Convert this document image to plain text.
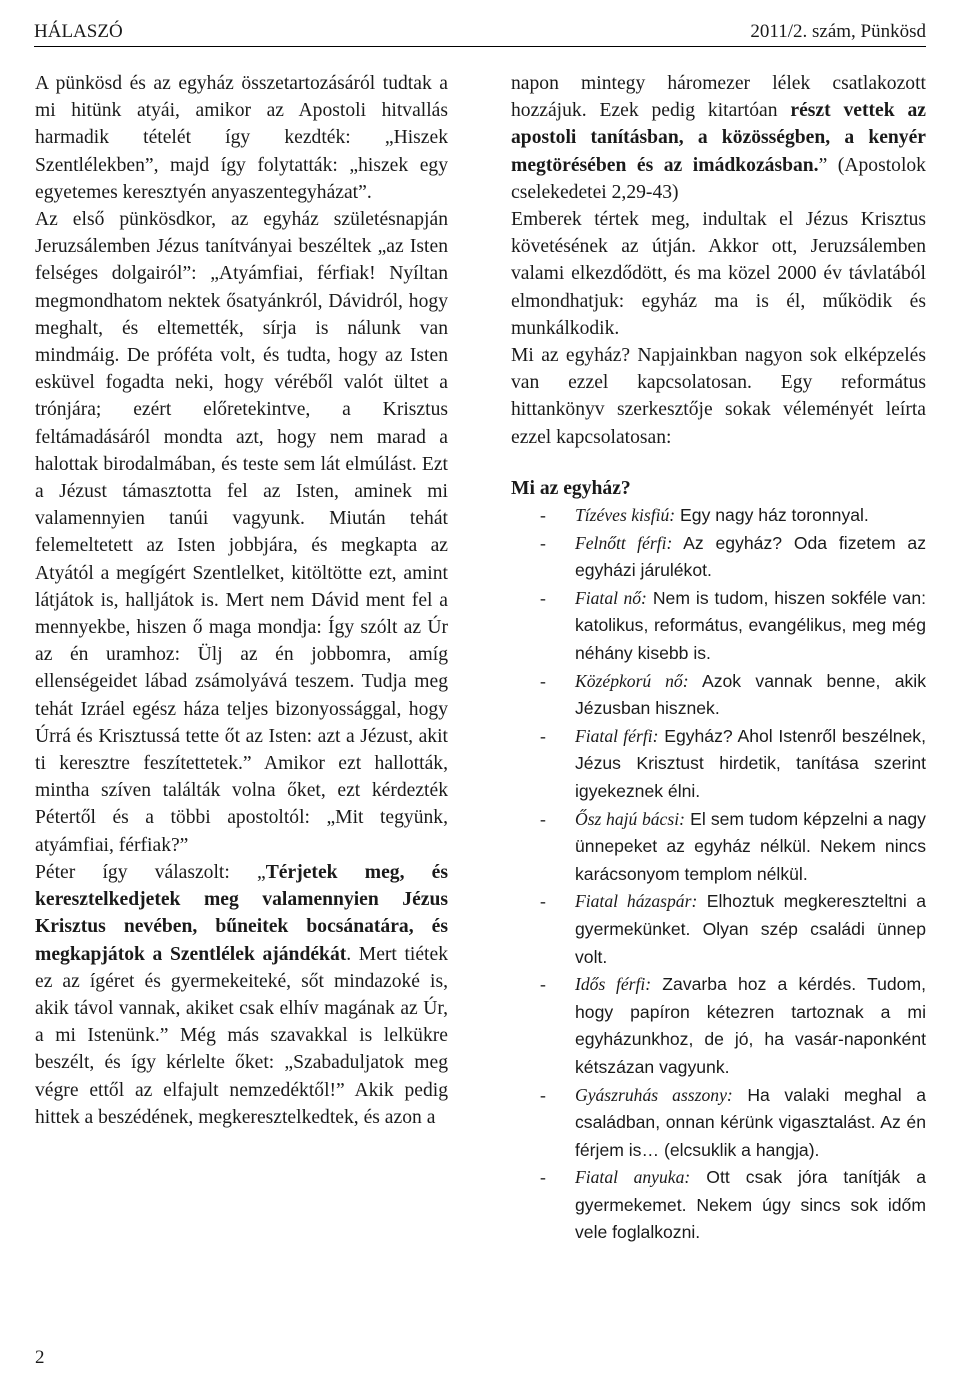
HÁLASZÓ	2011/2. szám, Pünkösd

A pünkösd és az egyház összetartozásáról tudtak a mi hitünk atyái, amikor az Apostoli hitvallás harmadik tételét így kezdték: „Hiszek Szentlélekben”, majd így folytatták: „hiszek egy egyetemes keresztyén anyaszentegyházat”.

Az első pünkösdkor, az egyház születésnapján Jeruzsálemben Jézus tanítványai beszéltek „az Isten felséges dolgairól”: „Atyámfiai, férfiak! Nyíltan megmondhatom nektek ősatyánkról, Dávidról, hogy meghalt, és eltemették, sírja is nálunk van mindmáig. De próféta volt, és tudta, hogy az Isten esküvel fogadta neki, hogy véréből valót ültet a trónjára; ezért előretekintve, a Krisztus feltámadásáról mondta azt, hogy nem marad a halottak birodalmában, és teste sem lát elmúlást. Ezt a Jézust támasztotta fel az Isten, aminek mi valamennyien tanúi vagyunk. Miután tehát felemeltetett az Isten jobbjára, és megkapta az Atyától a megígért Szentlelket, kitöltötte ezt, amint látjátok is, halljátok is. Mert nem Dávid ment fel a mennyekbe, hiszen ő maga mondja: Így szólt az Úr az én uramhoz: Ülj az én jobbomra, amíg ellenségeidet lábad zsámolyává teszem. Tudja meg tehát Izráel egész háza teljes bizonyossággal, hogy Úrrá és Krisztussá tette őt az Isten: azt a Jézust, akit ti keresztre feszítettetek.” Amikor ezt hallották, mintha szíven találták volna őket, ezt kérdezték Pétertől és a többi apostoltól: „Mit tegyünk, atyámfiai, férfiak?”

Péter így válaszolt: „Térjetek meg, és keresztelkedjetek meg valamennyien Jézus Krisztus nevében, bűneitek bocsánatára, és megkapjátok a Szentlélek ajándékát. Mert tiétek ez az ígéret és gyermekeiteké, sőt mindazoké is, akik távol vannak, akiket csak elhív magának az Úr, a mi Istenünk.” Még más szavakkal is lelkükre beszélt, és így kérlelte őket: „Szabaduljatok meg végre ettől az elfajult nemzedéktől!” Akik pedig hittek a beszédének, megkeresztelkedtek, és azon a

napon mintegy háromezer lélek csatlakozott hozzájuk. Ezek pedig kitartóan részt vettek az apostoli tanításban, a közösségben, a kenyér megtörésében és az imádkozásban.” (Apostolok cselekedetei 2,29-43)

Emberek tértek meg, indultak el Jézus Krisztus követésének az útján. Akkor ott, Jeruzsálemben valami elkezdődött, és ma közel 2000 év távlatából elmondhatjuk: egyház ma is él, működik és munkálkodik.

Mi az egyház? Napjainkban nagyon sok elképzelés van ezzel kapcsolatosan. Egy református hittankönyv szerkesztője sokak véleményét leírta ezzel kapcsolatosan:

Mi az egyház?

- Tízéves kisfiú: Egy nagy ház toronnyal.
- Felnőtt férfi: Az egyház? Oda fizetem az egyházi járulékot.
- Fiatal nő: Nem is tudom, hiszen sokféle van: katolikus, református, evangélikus, meg még néhány kisebb is.
- Középkorú nő: Azok vannak benne, akik Jézusban hisznek.
- Fiatal férfi: Egyház? Ahol Istenről beszélnek, Jézus Krisztust hirdetik, tanítása szerint igyekeznek élni.
- Ősz hajú bácsi: El sem tudom képzelni a nagy ünnepeket az egyház nélkül. Nekem nincs karácsonyom templom nélkül.
- Fiatal házaspár: Elhoztuk megkereszteltni a gyermekünket. Olyan szép családi ünnep volt.
- Idős férfi: Zavarba hoz a kérdés. Tudom, hogy papíron kétezren tartoznak a mi egyházunkhoz, de jó, ha vasár-naponként kétszázan vagyunk.
- Gyászruhás asszony: Ha valaki meghal a családban, onnan kérünk vigasztalást. Az én férjem is… (elcsuklik a hangja).
- Fiatal anyuka: Ott csak jóra tanítják a gyermekemet. Nekem úgy sincs sok időm vele foglalkozni.
2
